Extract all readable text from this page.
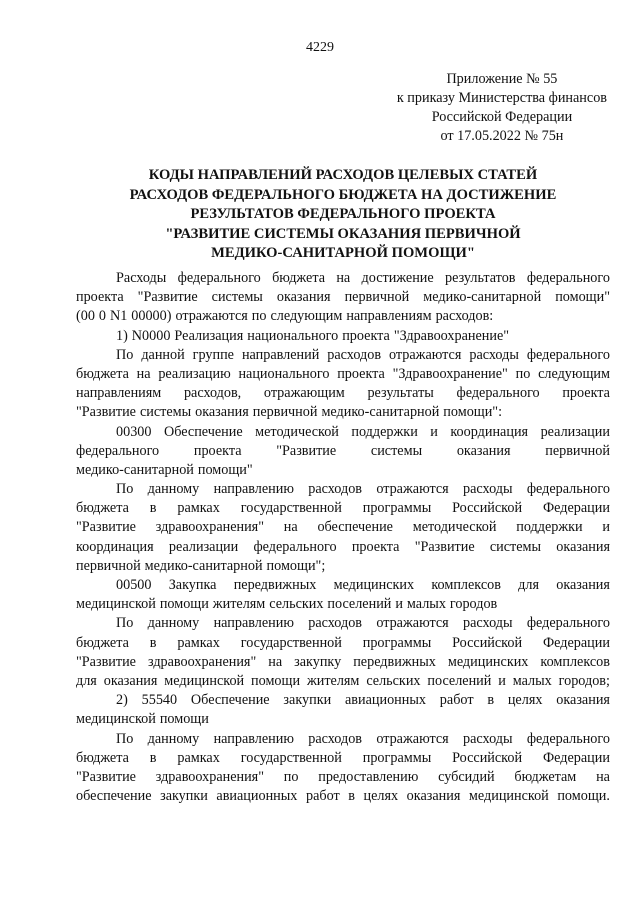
4229
Приложение № 55
к приказу Министерства финансов
Российской Федерации
от 17.05.2022 № 75н
КОДЫ НАПРАВЛЕНИЙ РАСХОДОВ ЦЕЛЕВЫХ СТАТЕЙ
РАСХОДОВ ФЕДЕРАЛЬНОГО БЮДЖЕТА НА ДОСТИЖЕНИЕ
РЕЗУЛЬТАТОВ ФЕДЕРАЛЬНОГО ПРОЕКТА
"РАЗВИТИЕ СИСТЕМЫ ОКАЗАНИЯ ПЕРВИЧНОЙ
МЕДИКО-САНИТАРНОЙ ПОМОЩИ"
Расходы федерального бюджета на достижение результатов федерального
проекта "Развитие системы оказания первичной медико-санитарной помощи"
(00 0 N1 00000) отражаются по следующим направлениям расходов:
1) N0000 Реализация национального проекта "Здравоохранение"
По данной группе направлений расходов отражаются расходы федерального
бюджета на реализацию национального проекта "Здравоохранение" по следующим
направлениям расходов, отражающим результаты федерального проекта
"Развитие системы оказания первичной медико-санитарной помощи":
00300 Обеспечение методической поддержки и координация реализации
федерального проекта "Развитие системы оказания первичной
медико-санитарной помощи"
По данному направлению расходов отражаются расходы федерального
бюджета в рамках государственной программы Российской Федерации
"Развитие здравоохранения" на обеспечение методической поддержки и
координация реализации федерального проекта "Развитие системы оказания
первичной медико-санитарной помощи";
00500 Закупка передвижных медицинских комплексов для оказания
медицинской помощи жителям сельских поселений и малых городов
По данному направлению расходов отражаются расходы федерального
бюджета в рамках государственной программы Российской Федерации
"Развитие здравоохранения" на закупку передвижных медицинских комплексов
для оказания медицинской помощи жителям сельских поселений и малых городов;
2) 55540 Обеспечение закупки авиационных работ в целях оказания
медицинской помощи
По данному направлению расходов отражаются расходы федерального
бюджета в рамках государственной программы Российской Федерации
"Развитие здравоохранения" по предоставлению субсидий бюджетам на
обеспечение закупки авиационных работ в целях оказания медицинской помощи.
